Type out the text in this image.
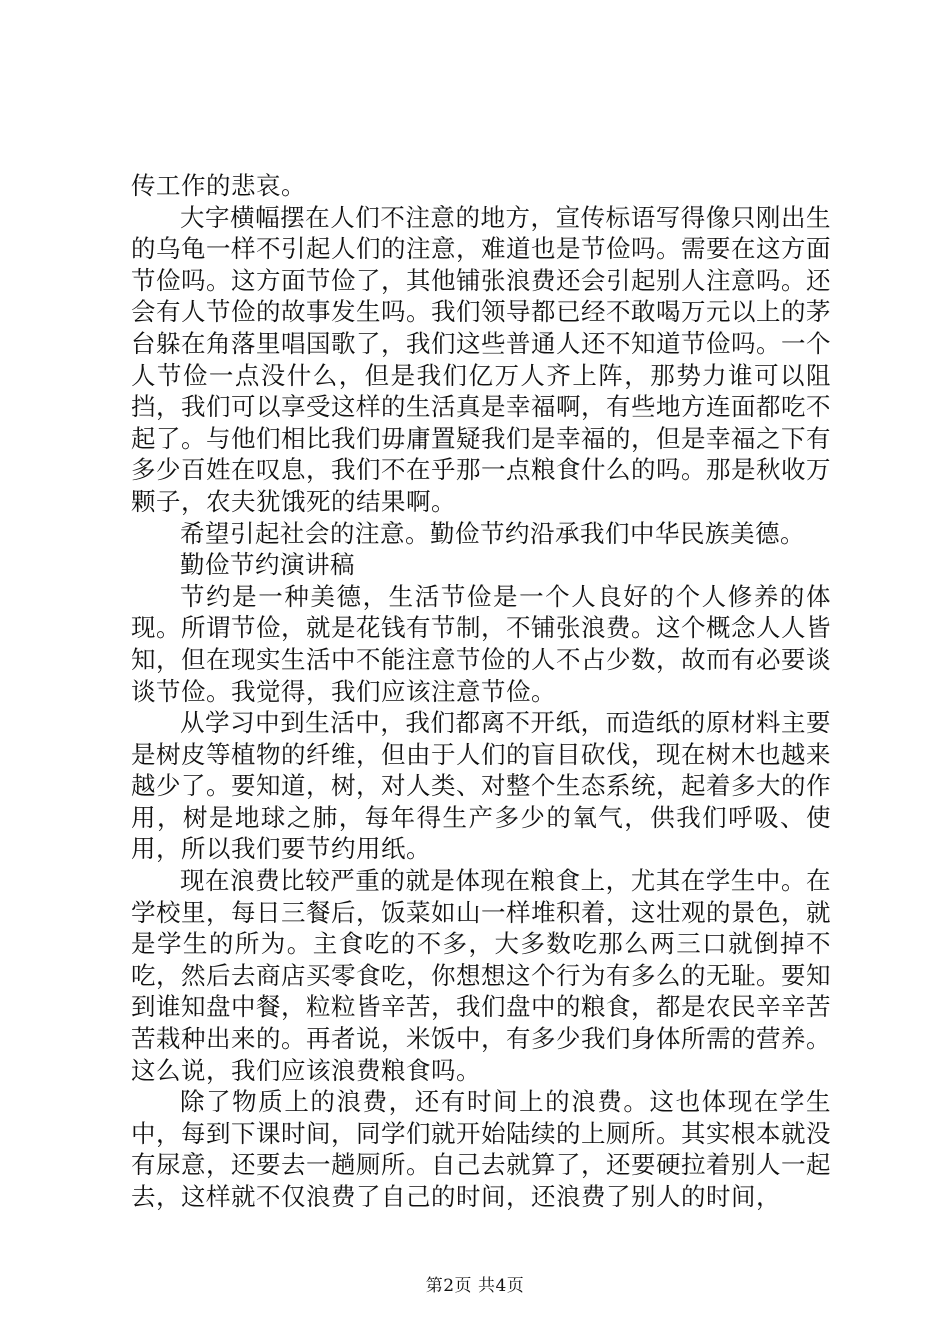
传工作的悲哀。

大字横幅摆在人们不注意的地方，宣传标语写得像只刚出生的乌龟一样不引起人们的注意，难道也是节俭吗。需要在这方面节俭吗。这方面节俭了，其他铺张浪费还会引起别人注意吗。还会有人节俭的故事发生吗。我们领导都已经不敢喝万元以上的茅台躲在角落里唱国歌了，我们这些普通人还不知道节俭吗。一个人节俭一点没什么，但是我们亿万人齐上阵，那势力谁可以阻挡，我们可以享受这样的生活真是幸福啊，有些地方连面都吃不起了。与他们相比我们毋庸置疑我们是幸福的，但是幸福之下有多少百姓在叹息，我们不在乎那一点粮食什么的吗。那是秋收万颗子，农夫犹饿死的结果啊。

希望引起社会的注意。勤俭节约沿承我们中华民族美德。

勤俭节约演讲稿

节约是一种美德，生活节俭是一个人良好的个人修养的体现。所谓节俭，就是花钱有节制，不铺张浪费。这个概念人人皆知，但在现实生活中不能注意节俭的人不占少数，故而有必要谈谈节俭。我觉得，我们应该注意节俭。

从学习中到生活中，我们都离不开纸，而造纸的原材料主要是树皮等植物的纤维，但由于人们的盲目砍伐，现在树木也越来越少了。要知道，树，对人类、对整个生态系统，起着多大的作用，树是地球之肺，每年得生产多少的氧气，供我们呼吸、使用，所以我们要节约用纸。

现在浪费比较严重的就是体现在粮食上，尤其在学生中。在学校里，每日三餐后，饭菜如山一样堆积着，这壮观的景色，就是学生的所为。主食吃的不多，大多数吃那么两三口就倒掉不吃，然后去商店买零食吃，你想想这个行为有多么的无耻。要知到谁知盘中餐，粒粒皆辛苦，我们盘中的粮食，都是农民辛辛苦苦栽种出来的。再者说，米饭中，有多少我们身体所需的营养。这么说，我们应该浪费粮食吗。

除了物质上的浪费，还有时间上的浪费。这也体现在学生中，每到下课时间，同学们就开始陆续的上厕所。其实根本就没有尿意，还要去一趟厕所。自己去就算了，还要硬拉着别人一起去，这样就不仅浪费了自己的时间，还浪费了别人的时间，

第2页 共4页
